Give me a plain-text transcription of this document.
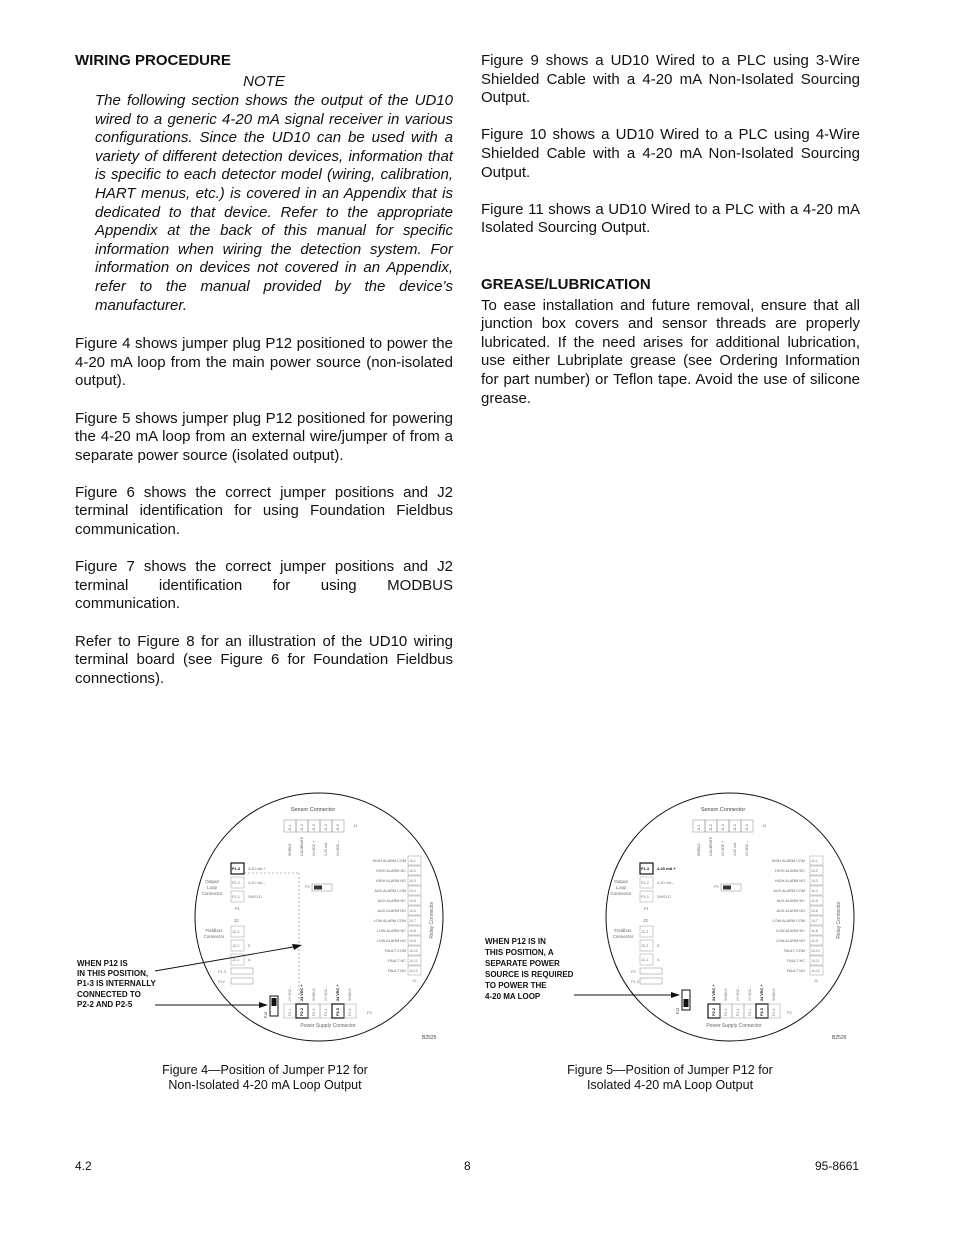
WIRING PROCEDURE
NOTE
The following section shows the output of the UD10 wired to a generic 4-20 mA signal receiver in various configurations. Since the UD10 can be used with a variety of different detection devices, information that is specific to each detector model (wiring, calibration, HART menus, etc.) is covered in an Appendix that is dedicated to that device. Refer to the appropriate Appendix at the back of this manual for specific information when wiring the detection system. For information on devices not covered in an Appendix, refer to the manual provided by the device’s manufacturer.
Figure 4 shows jumper plug P12 positioned to power the 4-20 mA loop from the main power source (non-isolated output).
Figure 5 shows jumper plug P12 positioned for powering the 4-20 mA loop from an external wire/jumper of from a separate power source (isolated output).
Figure 6 shows the correct jumper positions and J2 terminal identification for using Foundation Fieldbus communication.
Figure 7 shows the correct jumper positions and J2 terminal identification for using MODBUS communication.
Refer to Figure 8 for an illustration of the UD10 wiring terminal board (see Figure 6 for Foundation Fieldbus connections).
Figure 9 shows a UD10 Wired to a PLC using 3-Wire Shielded Cable with a 4-20 mA Non-Isolated Sourcing Output.
Figure 10 shows a UD10 Wired to a PLC using 4-Wire Shielded Cable with a 4-20 mA Non-Isolated Sourcing Output.
Figure 11 shows a UD10 Wired to a PLC with a 4-20 mA Isolated Sourcing Output.
GREASE/LUBRICATION
To ease installation and future removal, ensure that all junction box covers and sensor threads are properly lubricated. If the need arises for additional lubrication, use either Lubriplate grease (see Ordering Information for part number) or Teflon tape. Avoid the use of silicone grease.
Sensor Connector
J1-1 J1-2 J1-3 J1-4 J1-5
SHIELD CALIBRATE 24 VDC + 4-20 mA 24 VDC –
J1
P1-3
P1-2
P1-1
4-20 mA +
4-20 mA –
SHIELD
P1
Output
Loop
Connector
P3
J2
J2-3
J2-2
J2-1
B
A
Fieldbus
Connector
P1-3
P12
HIGH ALARM COM
HIGH ALARM NC
HIGH ALARM NO
AUX ALARM COM
AUX ALARM NC
AUX ALARM NO
LOW ALARM COM
LOW ALARM NC
LOW ALARM NO
FAULT COM
FAULT NC
FAULT NO
J4-1
J4-2
J4-3
J4-4
J4-5
J4-6
J4-7
J4-8
J4-9
J4-10
J4-11
J4-12
J4
Relay Connector
P12	P2-1 P2-2 P2-3 P2-4 P2-5 P2-6
24 VDC – 24 VDC + SHIELD 24 VDC – 24 VDC + SHIELD
P2
Power Supply Connector
B2525
WHEN P12 IS
IN THIS POSITION,
P1-3 IS INTERNALLY
CONNECTED TO
P2-2 AND P2-5
Sensor Connector
J1-1 J1-2 J1-3 J1-4 J1-5
SHIELD CALIBRATE 24 VDC + 4-20 mA 24 VDC –
J1
P1-3
P1-2
P1-1
4-20 mA +
4-20 mA –
SHIELD
P1
Output
Loop
Connector
P3
J2
J2-3
J2-2
J2-1
B
A
Fieldbus
Connector
P3
P1-3
HIGH ALARM COM
HIGH ALARM NC
HIGH ALARM NO
AUX ALARM COM
AUX ALARM NC
AUX ALARM NO
LOW ALARM COM
LOW ALARM NC
LOW ALARM NO
FAULT COM
FAULT NC
FAULT NO
J4-1
J4-2
J4-3
J4-4
J4-5
J4-6
J4-7
J4-8
J4-9
J4-10
J4-11
J4-12
J4
Relay Connector
P12	P2-2 P2-3 P2-4 P2-1 P2-5 P2-6
24 VDC + SHIELD 24 VDC – 24 VDC – 24 VDC + SHIELD
P2
Power Supply Connector
B2526
WHEN P12 IS IN
THIS POSITION, A
SEPARATE POWER
SOURCE IS REQUIRED
TO POWER THE
4-20 MA LOOP
Figure 4—Position of Jumper P12 for
Non-Isolated 4-20 mA Loop Output
Figure 5—Position of Jumper P12 for
Isolated 4-20 mA Loop Output
4.2	8	95-8661
